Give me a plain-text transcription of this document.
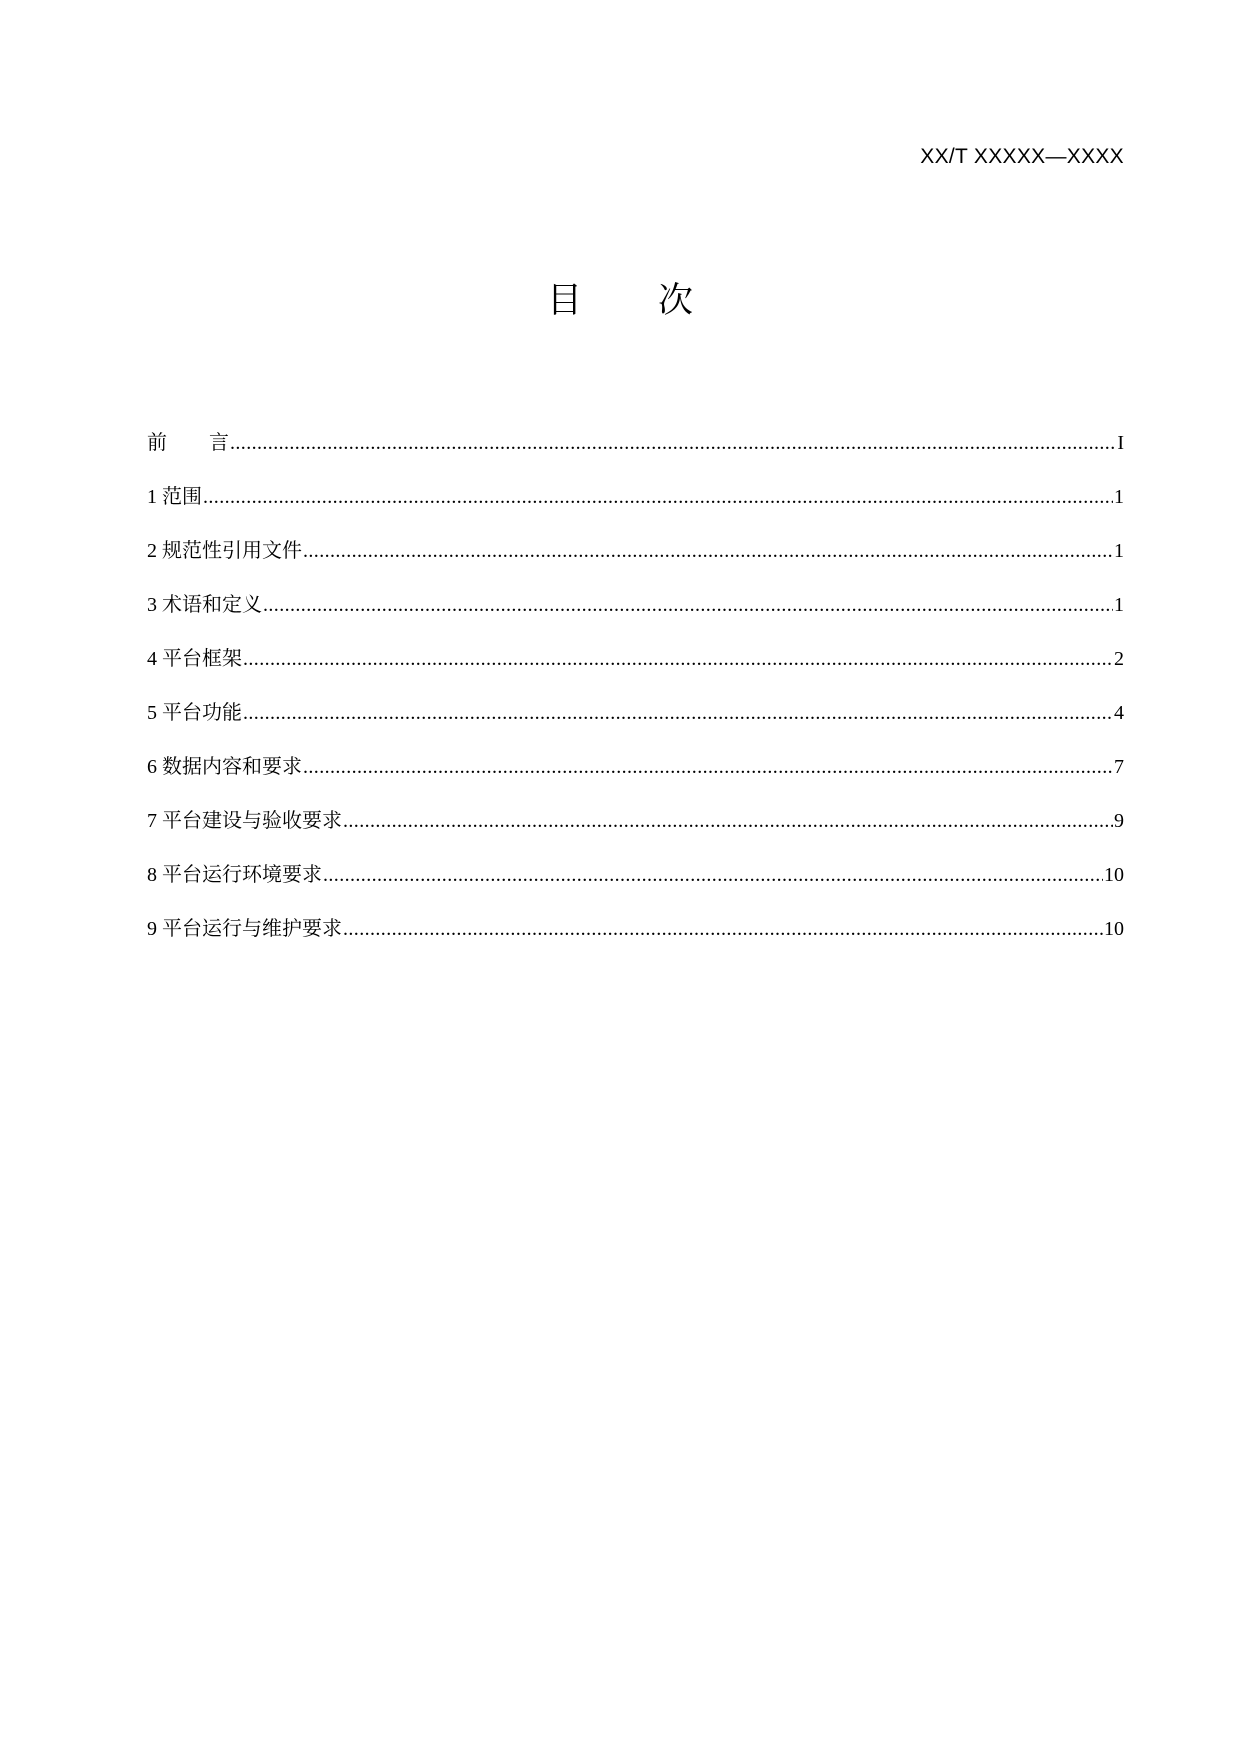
XX/T XXXXX—XXXX
目 次
前 言 .....	I
1 范围 .....	1
2 规范性引用文件 .....	1
3 术语和定义 .....	1
4 平台框架 .....	2
5 平台功能 .....	4
6 数据内容和要求 .....	7
7 平台建设与验收要求 .....	9
8 平台运行环境要求 .....	10
9 平台运行与维护要求 .....	10
